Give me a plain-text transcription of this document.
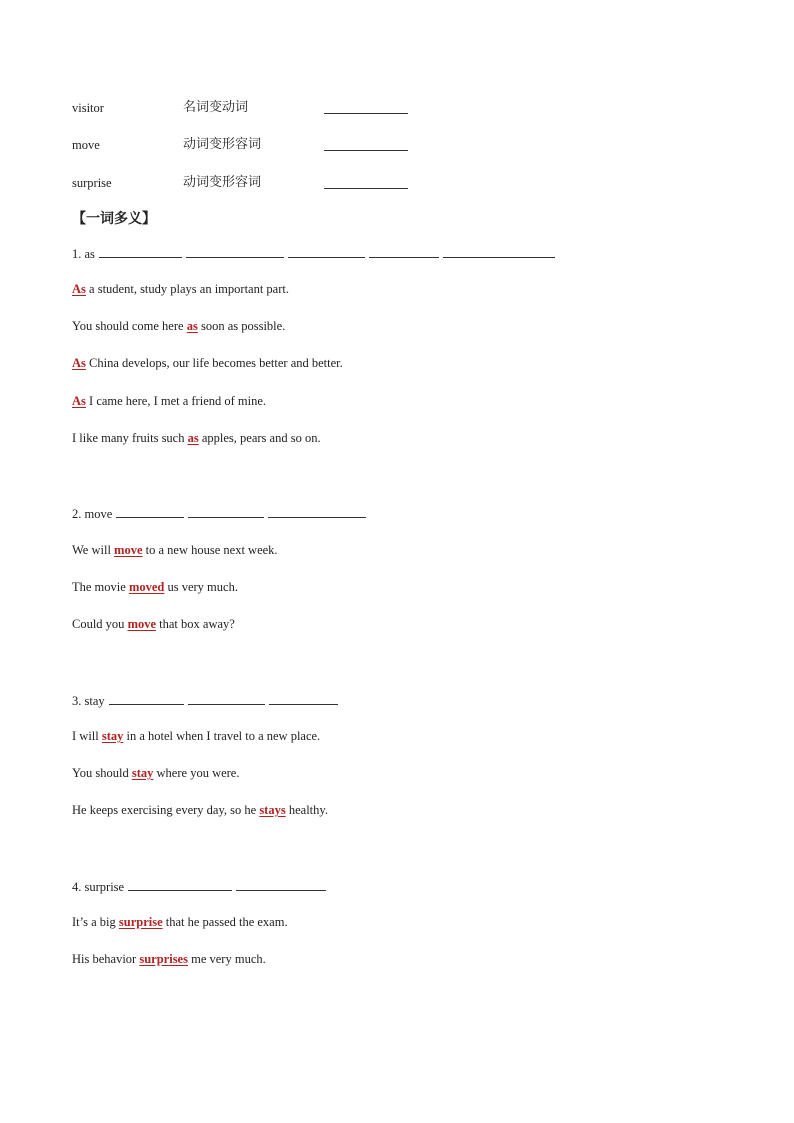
visitor	名词变动词
move	动词变形容词
surprise	动词变形容词
【一词多义】
1. as
As a student, study plays an important part.
You should come here as soon as possible.
As China develops, our life becomes better and better.
As I came here, I met a friend of mine.
I like many fruits such as apples, pears and so on.
2. move
We will move to a new house next week.
The movie moved us very much.
Could you move that box away?
3. stay
I will stay in a hotel when I travel to a new place.
You should stay where you were.
He keeps exercising every day, so he stays healthy.
4. surprise
It’s a big surprise that he passed the exam.
His behavior surprises me very much.
